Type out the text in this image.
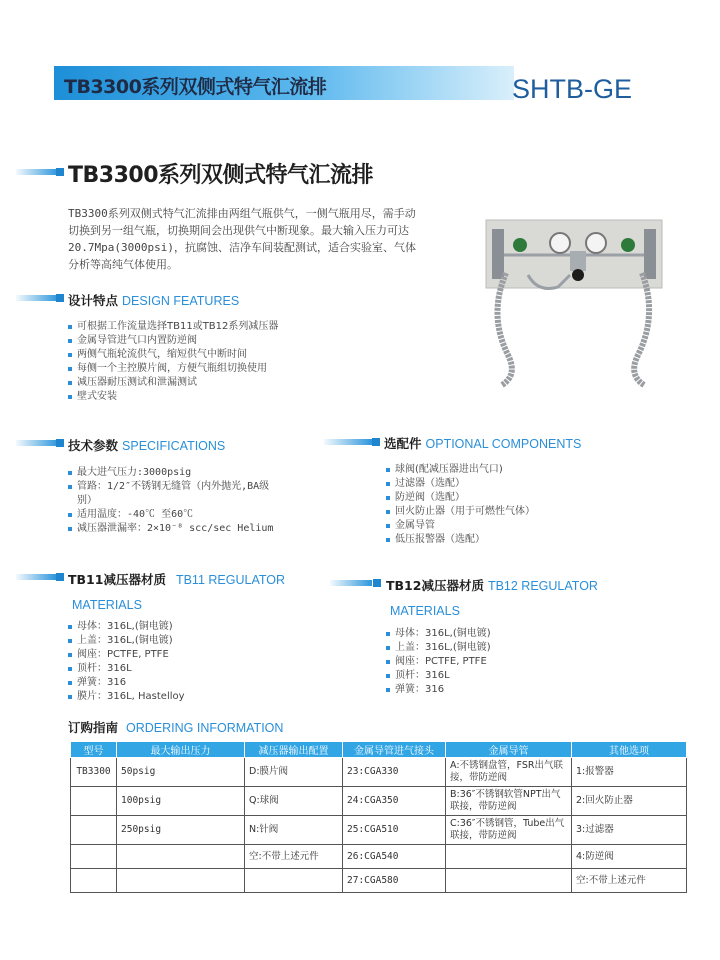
TB3300系列双侧式特气汇流排	SHTB-GE
TB3300系列双侧式特气汇流排
TB3300系列双侧式特气汇流排由两组气瓶供气，一侧气瓶用尽，需手动切换到另一组气瓶，切换期间会出现供气中断现象。最大输入压力可达20.7Mpa(3000psi)，抗腐蚀、洁净车间装配测试，适合实验室、气体分析等高纯气体使用。
设计特点 DESIGN FEATURES
可根据工作流量选择TB11或TB12系列减压器
金属导管进气口内置防逆阀
两侧气瓶轮流供气，缩短供气中断时间
每侧一个主控膜片阀，方便气瓶组切换使用
减压器耐压测试和泄漏测试
壁式安装
技术参数 SPECIFICATIONS
最大进气压力:3000psig
管路：1/2″不锈钢无缝管（内外抛光,BA级别）
适用温度：-40℃ 至60℃
减压器泄漏率：2×10⁻⁸ scc/sec Helium
选配件 OPTIONAL COMPONENTS
球阀(配减压器进出气口)
过滤器（选配）
防逆阀（选配）
回火防止器（用于可燃性气体）
金属导管
低压报警器（选配）
TB11减压器材质 TB11 REGULATOR
MATERIALS
母体：316L,(铜电镀)
上盖：316L,(铜电镀)
阀座：PCTFE, PTFE
顶杆：316L
弹簧：316
膜片：316L, Hastelloy
TB12减压器材质 TB12 REGULATOR
MATERIALS
母体：316L,(铜电镀)
上盖：316L,(铜电镀)
阀座：PCTFE, PTFE
顶杆：316L
弹簧：316
订购指南 ORDERING INFORMATION
型号	最大输出压力	减压器输出配置	金属导管进气接头	金属导管	其他选项
TB3300	50psig	D:膜片阀	23:CGA330	A:不锈钢盘管，FSR出气联接，带防逆阀	1:报警器
	100psig	Q:球阀	24:CGA350	B:36″不锈钢软管NPT出气联接，带防逆阀	2:回火防止器
	250psig	N:针阀	25:CGA510	C:36″不锈钢管，Tube出气联接，带防逆阀	3:过滤器
		空:不带上述元件	26:CGA540		4:防逆阀
			27:CGA580		空:不带上述元件
